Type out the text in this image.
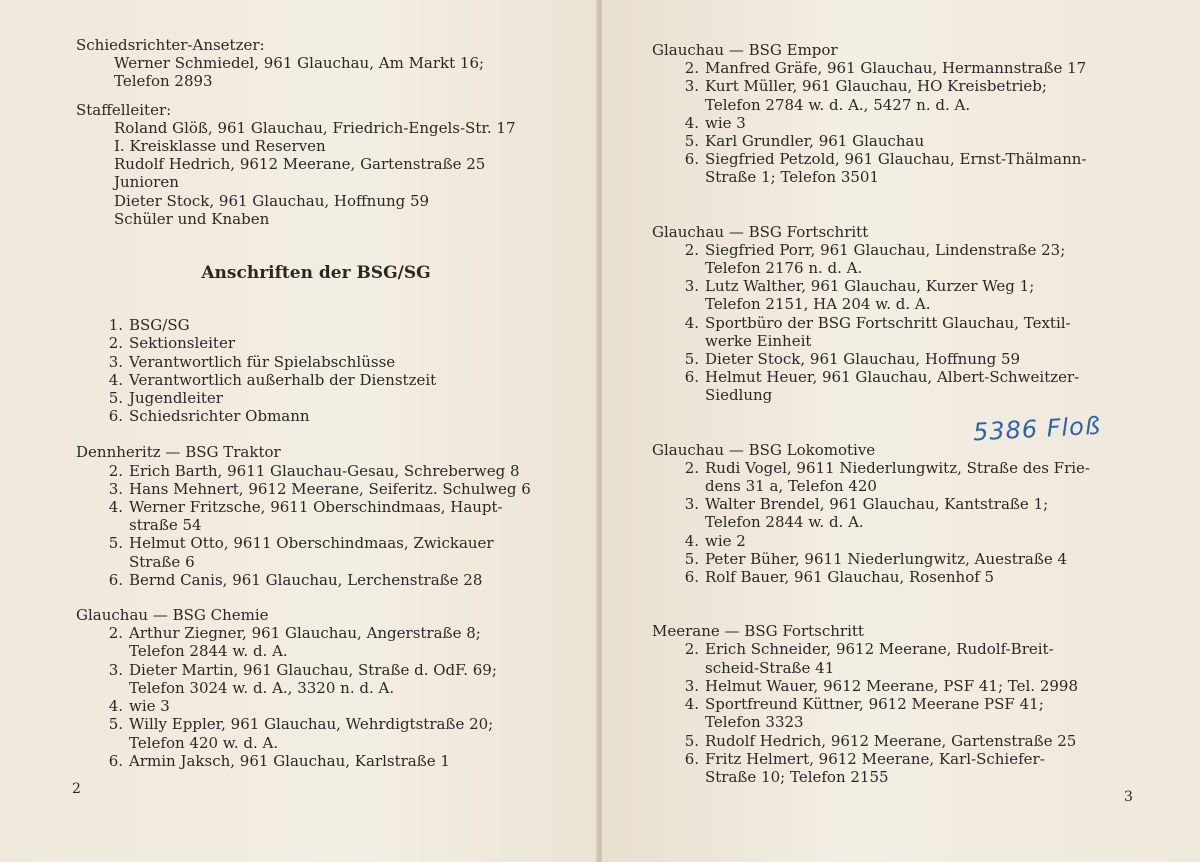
Schiedsrichter-Ansetzer:
Werner Schmiedel, 961 Glauchau, Am Markt 16;
Telefon 2893
Staffelleiter:
Roland Glöß, 961 Glauchau, Friedrich-Engels-Str. 17
I. Kreisklasse und Reserven
Rudolf Hedrich, 9612 Meerane, Gartenstraße 25
Junioren
Dieter Stock, 961 Glauchau, Hoffnung 59
Schüler und Knaben
Anschriften der BSG/SG
1. BSG/SG
2. Sektionsleiter
3. Verantwortlich für Spielabschlüsse
4. Verantwortlich außerhalb der Dienstzeit
5. Jugendleiter
6. Schiedsrichter Obmann
Dennheritz — BSG Traktor
2. Erich Barth, 9611 Glauchau-Gesau, Schreberweg 8
3. Hans Mehnert, 9612 Meerane, Seiferitz. Schulweg 6
4. Werner Fritzsche, 9611 Oberschindmaas, Haupt-
straße 54
5. Helmut Otto, 9611 Oberschindmaas, Zwickauer
Straße 6
6. Bernd Canis, 961 Glauchau, Lerchenstraße 28
Glauchau — BSG Chemie
2. Arthur Ziegner, 961 Glauchau, Angerstraße 8;
Telefon 2844 w. d. A.
3. Dieter Martin, 961 Glauchau, Straße d. OdF. 69;
Telefon 3024 w. d. A., 3320 n. d. A.
4. wie 3
5. Willy Eppler, 961 Glauchau, Wehrdigtstraße 20;
Telefon 420 w. d. A.
6. Armin Jaksch, 961 Glauchau, Karlstraße 1
2
Glauchau — BSG Empor
2. Manfred Gräfe, 961 Glauchau, Hermannstraße 17
3. Kurt Müller, 961 Glauchau, HO Kreisbetrieb;
Telefon 2784 w. d. A., 5427 n. d. A.
4. wie 3
5. Karl Grundler, 961 Glauchau
6. Siegfried Petzold, 961 Glauchau, Ernst-Thälmann-
Straße 1; Telefon 3501
Glauchau — BSG Fortschritt
2. Siegfried Porr, 961 Glauchau, Lindenstraße 23;
Telefon 2176 n. d. A.
3. Lutz Walther, 961 Glauchau, Kurzer Weg 1;
Telefon 2151, HA 204 w. d. A.
4. Sportbüro der BSG Fortschritt Glauchau, Textil-
werke Einheit
5. Dieter Stock, 961 Glauchau, Hoffnung 59
6. Helmut Heuer, 961 Glauchau, Albert-Schweitzer-
Siedlung
Glauchau — BSG Lokomotive
2. Rudi Vogel, 9611 Niederlungwitz, Straße des Frie-
dens 31 a, Telefon 420
3. Walter Brendel, 961 Glauchau, Kantstraße 1;
Telefon 2844 w. d. A.
4. wie 2
5. Peter Büher, 9611 Niederlungwitz, Auestraße 4
6. Rolf Bauer, 961 Glauchau, Rosenhof 5
Meerane — BSG Fortschritt
2. Erich Schneider, 9612 Meerane, Rudolf-Breit-
scheid-Straße 41
3. Helmut Wauer, 9612 Meerane, PSF 41; Tel. 2998
4. Sportfreund Küttner, 9612 Meerane PSF 41;
Telefon 3323
5. Rudolf Hedrich, 9612 Meerane, Gartenstraße 25
6. Fritz Helmert, 9612 Meerane, Karl-Schiefer-
Straße 10; Telefon 2155
5386 Floß
3
